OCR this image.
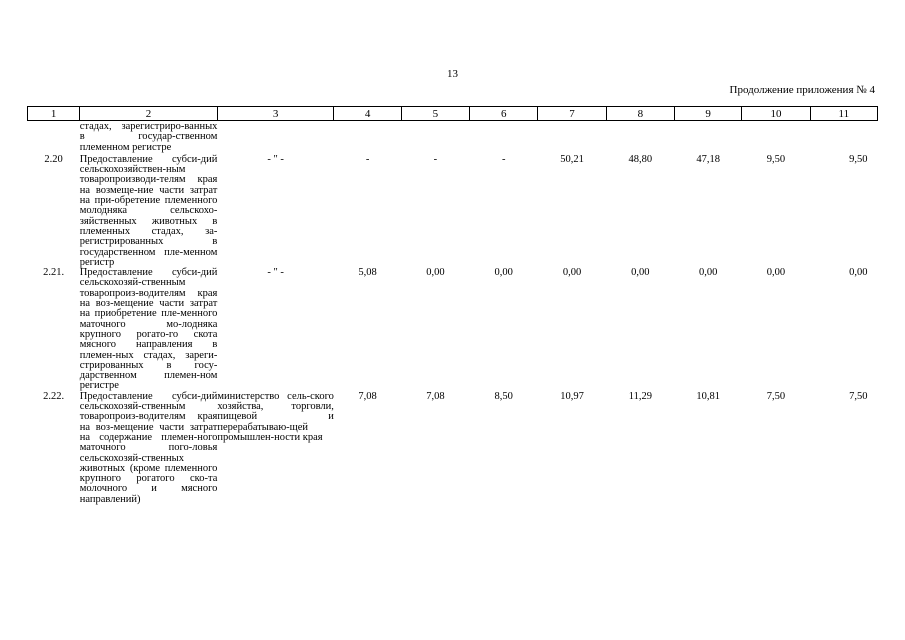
13
Продолжение приложения № 4
1	2	3	4	5	6	7	8	9	10	11
	стадах, зарегистриро-ванных в государ-ственном племенном регистре									
2.20	Предоставление субси-дий сельскохозяйствен-ным товаропроизводи-телям края на возмеще-ние части затрат на при-обретение племенного молодняка сельскохо-зяйственных животных в племенных стадах, за-регистрированных в государственном пле-менном регистр	- " -	-	-	-	50,21	48,80	47,18	9,50	9,50
2.21.	Предоставление субси-дий сельскохозяй-ственным товаропроиз-водителям края на воз-мещение части затрат на приобретение пле-менного маточного мо-лодняка крупного рогато-го скота мясного направления в племен-ных стадах, зареги-стрированных в госу-дарственном племен-ном регистре	- " -	5,08	0,00	0,00	0,00	0,00	0,00	0,00	0,00
2.22.	Предоставление субси-дий сельскохозяй-ственным товаропроиз-водителям края на воз-мещение части затрат на содержание племен-ного маточного пого-ловья сельскохозяй-ственных животных (кроме племенного крупного рогатого ско-та молочного и мясного направлений)	министерство сель-ского хозяйства, торговли, пищевой и перерабатываю-щей промышлен-ности края	7,08	7,08	8,50	10,97	11,29	10,81	7,50	7,50
